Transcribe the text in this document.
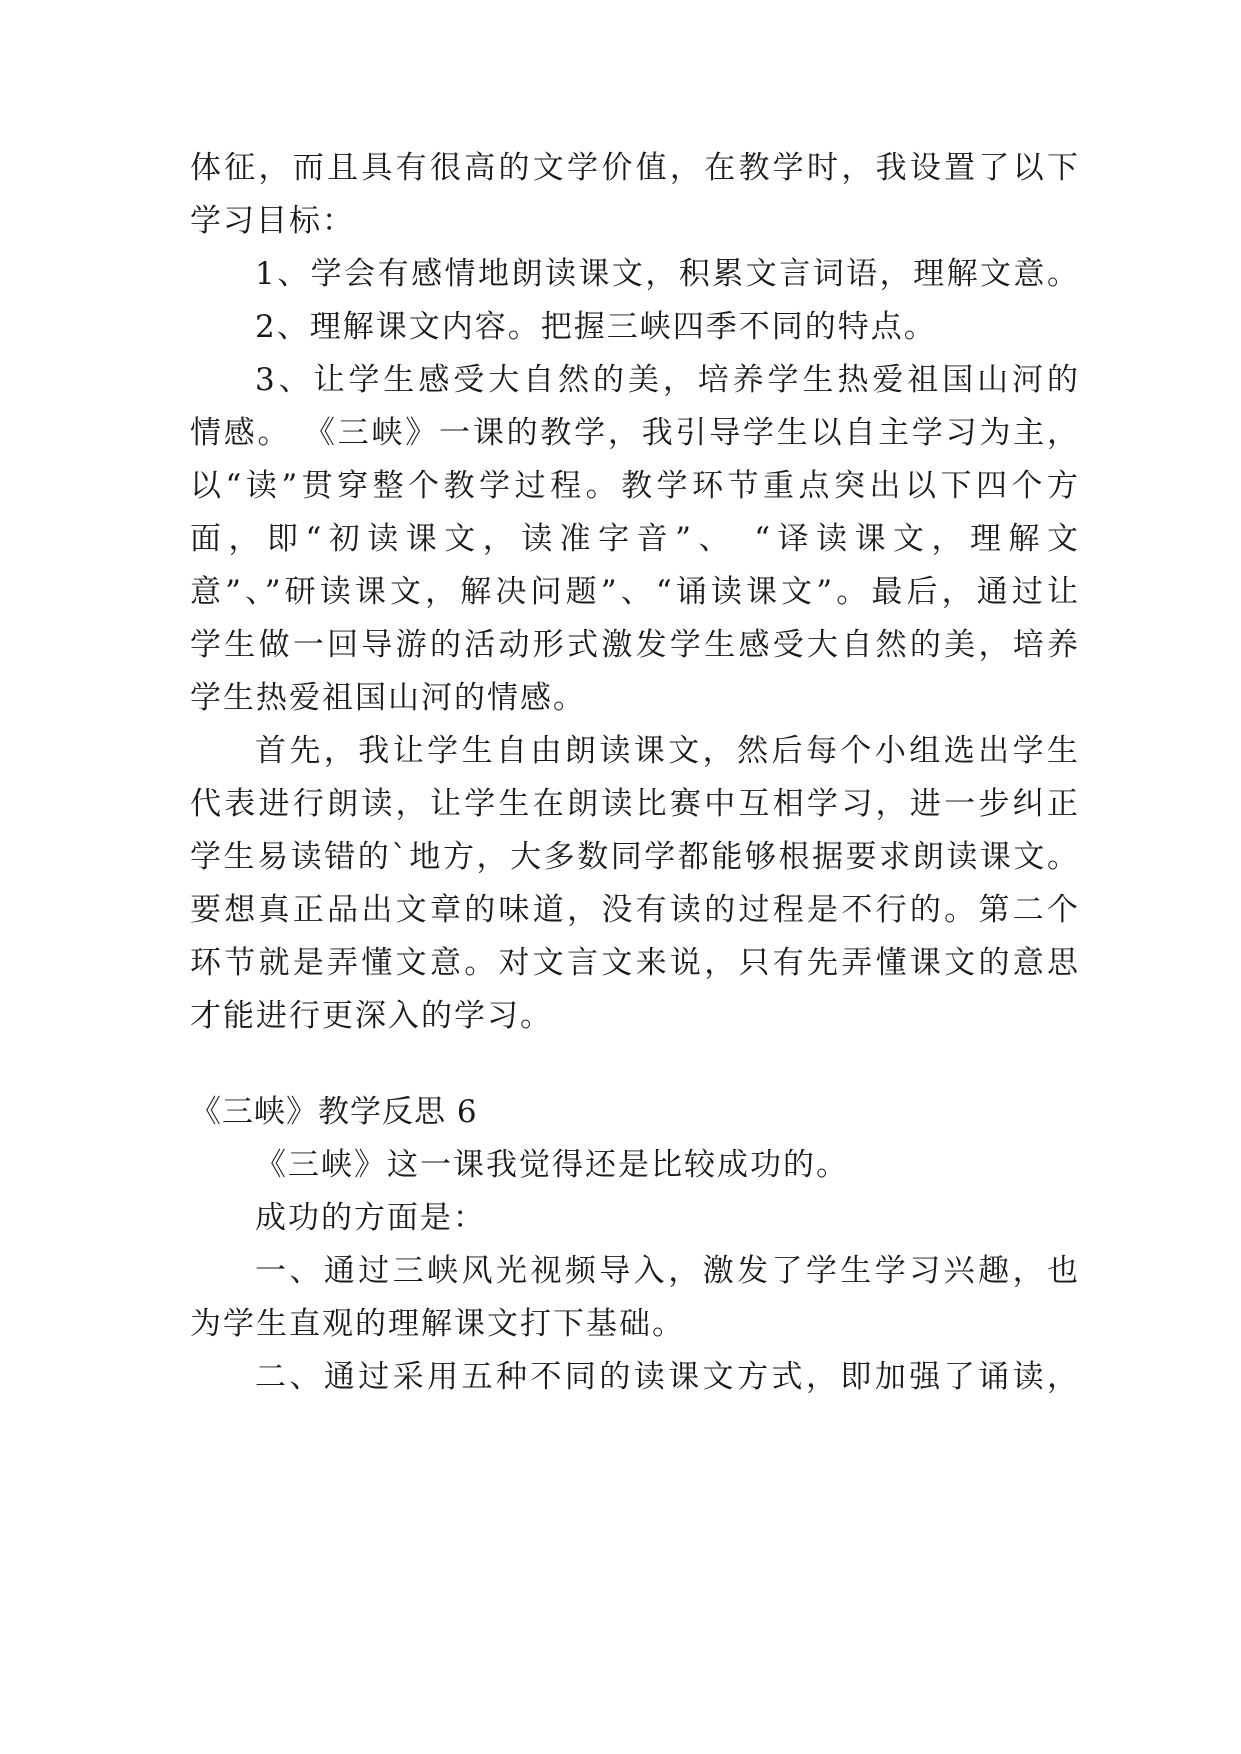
体征，而且具有很高的文学价值，在教学时，我设置了以下
学习目标：
1、学会有感情地朗读课文，积累文言词语，理解文意。
2、理解课文内容。把握三峡四季不同的特点。
3、让学生感受大自然的美，培养学生热爱祖国山河的
情感。 《三峡》一课的教学，我引导学生以自主学习为主，
以“读”贯穿整个教学过程。教学环节重点突出以下四个方
面，即“初读课文，读准字音”、 “译读课文，理解文
意”、”研读课文，解决问题”、“诵读课文”。最后，通过让
学生做一回导游的活动形式激发学生感受大自然的美，培养
学生热爱祖国山河的情感。
首先，我让学生自由朗读课文，然后每个小组选出学生
代表进行朗读，让学生在朗读比赛中互相学习，进一步纠正
学生易读错的`地方，大多数同学都能够根据要求朗读课文。
要想真正品出文章的味道，没有读的过程是不行的。第二个
环节就是弄懂文意。对文言文来说，只有先弄懂课文的意思
才能进行更深入的学习。
《三峡》教学反思 6
《三峡》这一课我觉得还是比较成功的。
成功的方面是：
一、通过三峡风光视频导入，激发了学生学习兴趣，也
为学生直观的理解课文打下基础。
二、通过采用五种不同的读课文方式，即加强了诵读，
